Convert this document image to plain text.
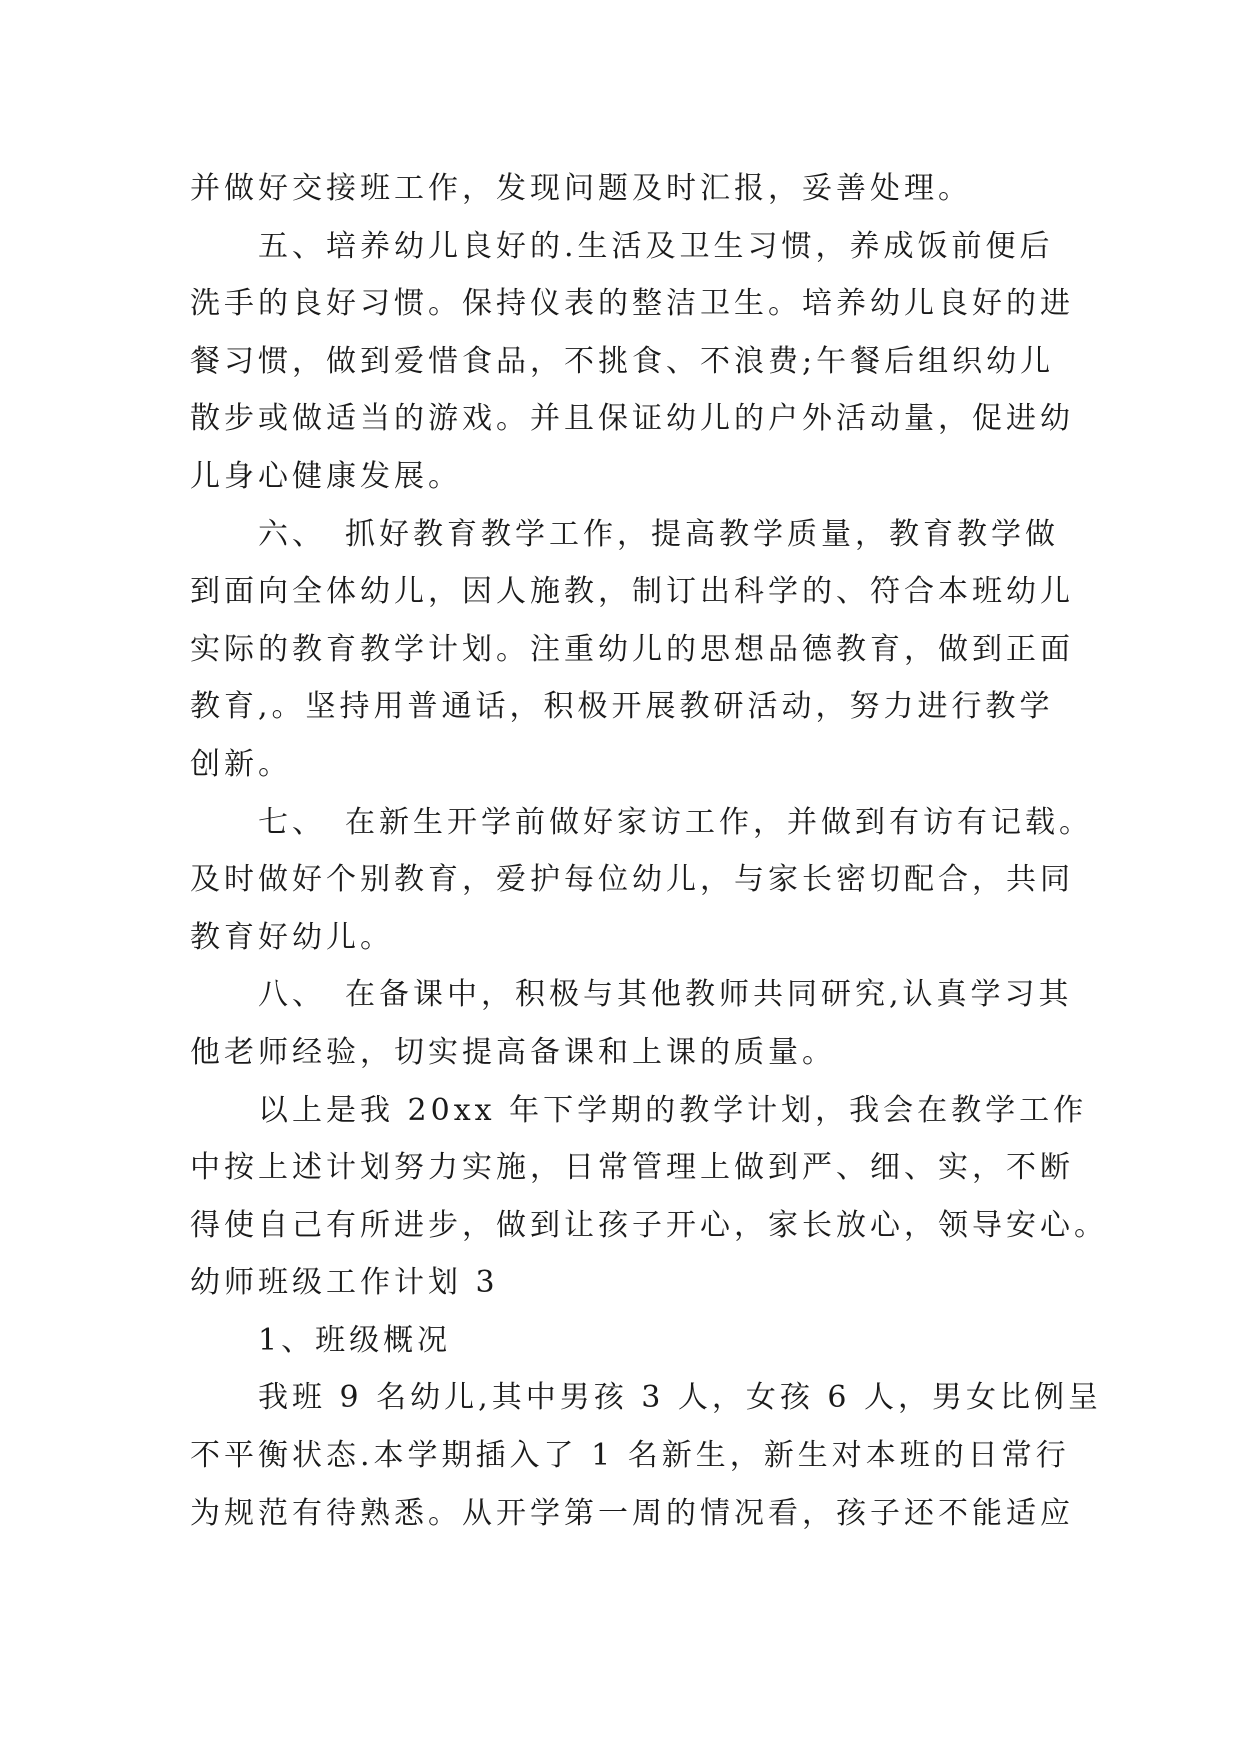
并做好交接班工作，发现问题及时汇报，妥善处理。
五、培养幼儿良好的.生活及卫生习惯，养成饭前便后
洗手的良好习惯。保持仪表的整洁卫生。培养幼儿良好的进
餐习惯，做到爱惜食品，不挑食、不浪费;午餐后组织幼儿
散步或做适当的游戏。并且保证幼儿的户外活动量，促进幼
儿身心健康发展。
六、　抓好教育教学工作，提高教学质量，教育教学做
到面向全体幼儿，因人施教，制订出科学的、符合本班幼儿
实际的教育教学计划。注重幼儿的思想品德教育，做到正面
教育,。坚持用普通话，积极开展教研活动，努力进行教学
创新。
七、　在新生开学前做好家访工作，并做到有访有记载。
及时做好个别教育，爱护每位幼儿，与家长密切配合，共同
教育好幼儿。
八、　在备课中，积极与其他教师共同研究,认真学习其
他老师经验，切实提高备课和上课的质量。
以上是我 20xx 年下学期的教学计划，我会在教学工作
中按上述计划努力实施，日常管理上做到严、细、实，不断
得使自己有所进步，做到让孩子开心，家长放心，领导安心。
幼师班级工作计划 3
1、班级概况
我班 9 名幼儿,其中男孩 3 人，女孩 6 人，男女比例呈
不平衡状态.本学期插入了 1 名新生，新生对本班的日常行
为规范有待熟悉。从开学第一周的情况看，孩子还不能适应
